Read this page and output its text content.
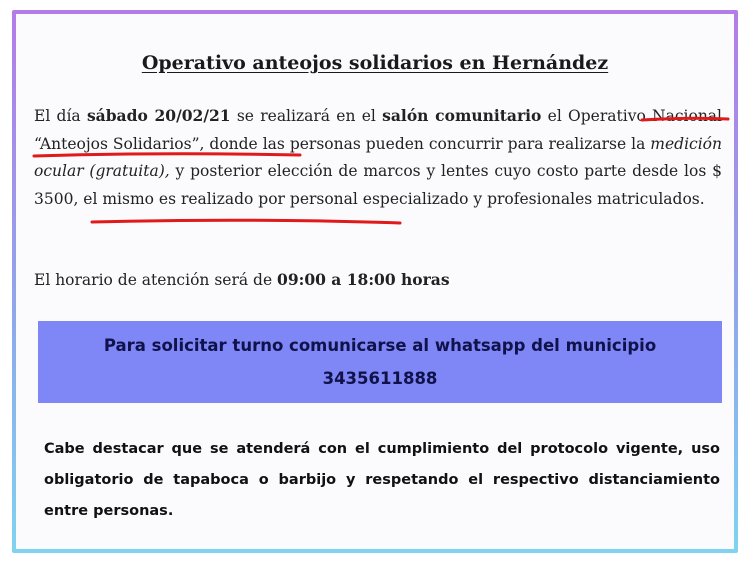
Operativo anteojos solidarios en Hernández
El día sábado 20/02/21 se realizará en el salón comunitario el Operativo Nacional “Anteojos Solidarios”, donde las personas pueden concurrir para realizarse la medición ocular (gratuita), y posterior elección de marcos y lentes cuyo costo parte desde los $ 3500, el mismo es realizado por personal especializado y profesionales matriculados.
El horario de atención será de 09:00 a 18:00 horas
Para solicitar turno comunicarse al whatsapp del municipio
3435611888
Cabe destacar que se atenderá con el cumplimiento del protocolo vigente, uso obligatorio de tapaboca o barbijo y respetando el respectivo distanciamiento entre personas.
